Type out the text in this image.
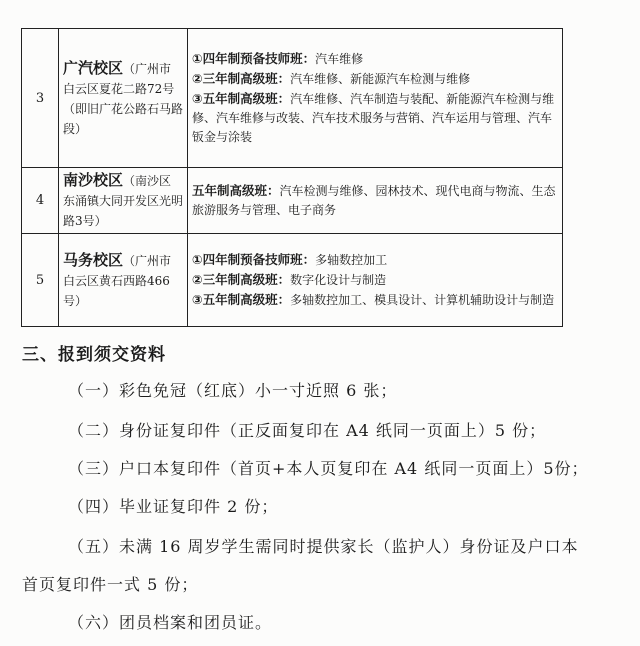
3	广汽校区（广州市白云区夏花二路72号（即旧广花公路石马路段）	①四年制预备技师班：汽车维修
②三年制高级班：汽车维修、新能源汽车检测与维修
③五年制高级班：汽车维修、汽车制造与装配、新能源汽车检测与维修、汽车维修与改装、汽车技术服务与营销、汽车运用与管理、汽车钣金与涂装

4	南沙校区（南沙区东涌镇大同开发区光明路3号）	五年制高级班：汽车检测与维修、园林技术、现代电商与物流、生态旅游服务与管理、电子商务

5	马务校区（广州市白云区黄石西路466号）	①四年制预备技师班：多轴数控加工
②三年制高级班：数字化设计与制造
③五年制高级班：多轴数控加工、模具设计、计算机辅助设计与制造
三、报到须交资料
（一）彩色免冠（红底）小一寸近照 6 张；
（二）身份证复印件（正反面复印在 A4 纸同一页面上）5 份；
（三）户口本复印件（首页+本人页复印在 A4 纸同一页面上）5份；
（四）毕业证复印件 2 份；
（五）未满 16 周岁学生需同时提供家长（监护人）身份证及户口本
首页复印件一式 5 份；
（六）团员档案和团员证。
